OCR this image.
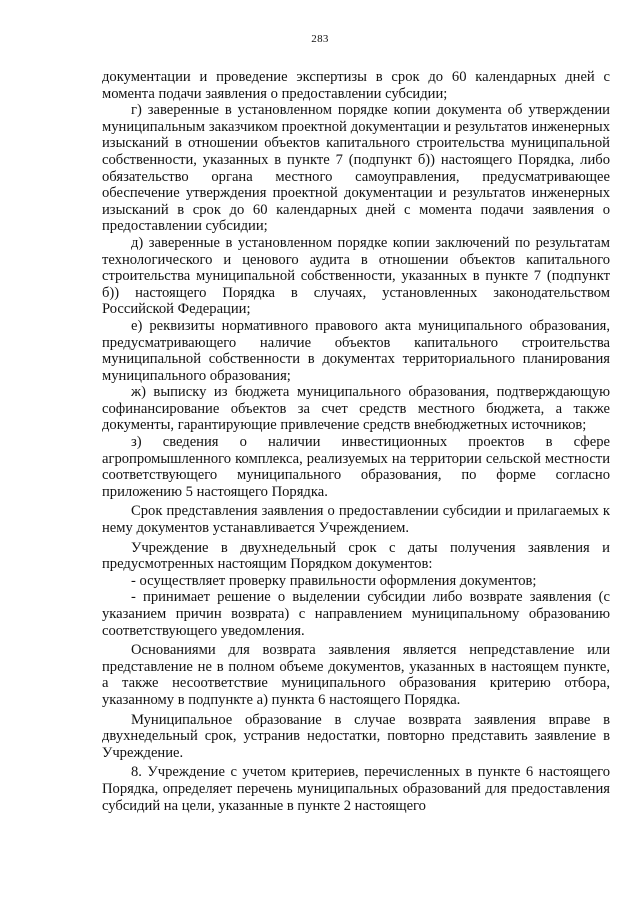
283

документации и проведение экспертизы в срок до 60 календарных дней с момента подачи заявления о предоставлении субсидии;

г) заверенные в установленном порядке копии документа об утверждении муниципальным заказчиком проектной документации и результатов инженерных изысканий в отношении объектов капитального строительства муниципальной собственности, указанных в пункте 7 (подпункт б)) настоящего Порядка, либо обязательство органа местного самоуправления, предусматривающее обеспечение утверждения проектной документации и результатов инженерных изысканий в срок до 60 календарных дней с момента подачи заявления о предоставлении субсидии;

д) заверенные в установленном порядке копии заключений по результатам технологического и ценового аудита в отношении объектов капитального строительства муниципальной собственности, указанных в пункте 7 (подпункт б)) настоящего Порядка в случаях, установленных законодательством Российской Федерации;

е) реквизиты нормативного правового акта муниципального образования, предусматривающего наличие объектов капитального строительства муниципальной собственности в документах территориального планирования муниципального образования;

ж) выписку из бюджета муниципального образования, подтверждающую софинансирование объектов за счет средств местного бюджета, а также документы, гарантирующие привлечение средств внебюджетных источников;

з) сведения о наличии инвестиционных проектов в сфере агропромышленного комплекса, реализуемых на территории сельской местности соответствующего муниципального образования, по форме согласно приложению 5 настоящего Порядка.

Срок представления заявления о предоставлении субсидии и прилагаемых к нему документов устанавливается Учреждением.

Учреждение в двухнедельный срок с даты получения заявления и предусмотренных настоящим Порядком документов:

- осуществляет проверку правильности оформления документов;

- принимает решение о выделении субсидии либо возврате заявления (с указанием причин возврата) с направлением муниципальному образованию соответствующего уведомления.

Основаниями для возврата заявления является непредставление или представление не в полном объеме документов, указанных в настоящем пункте, а также несоответствие муниципального образования критерию отбора, указанному в подпункте а) пункта 6 настоящего Порядка.

Муниципальное образование в случае возврата заявления вправе в двухнедельный срок, устранив недостатки, повторно представить заявление в Учреждение.

8. Учреждение с учетом критериев, перечисленных в пункте 6 настоящего Порядка, определяет перечень муниципальных образований для предоставления субсидий на цели, указанные в пункте 2 настоящего
